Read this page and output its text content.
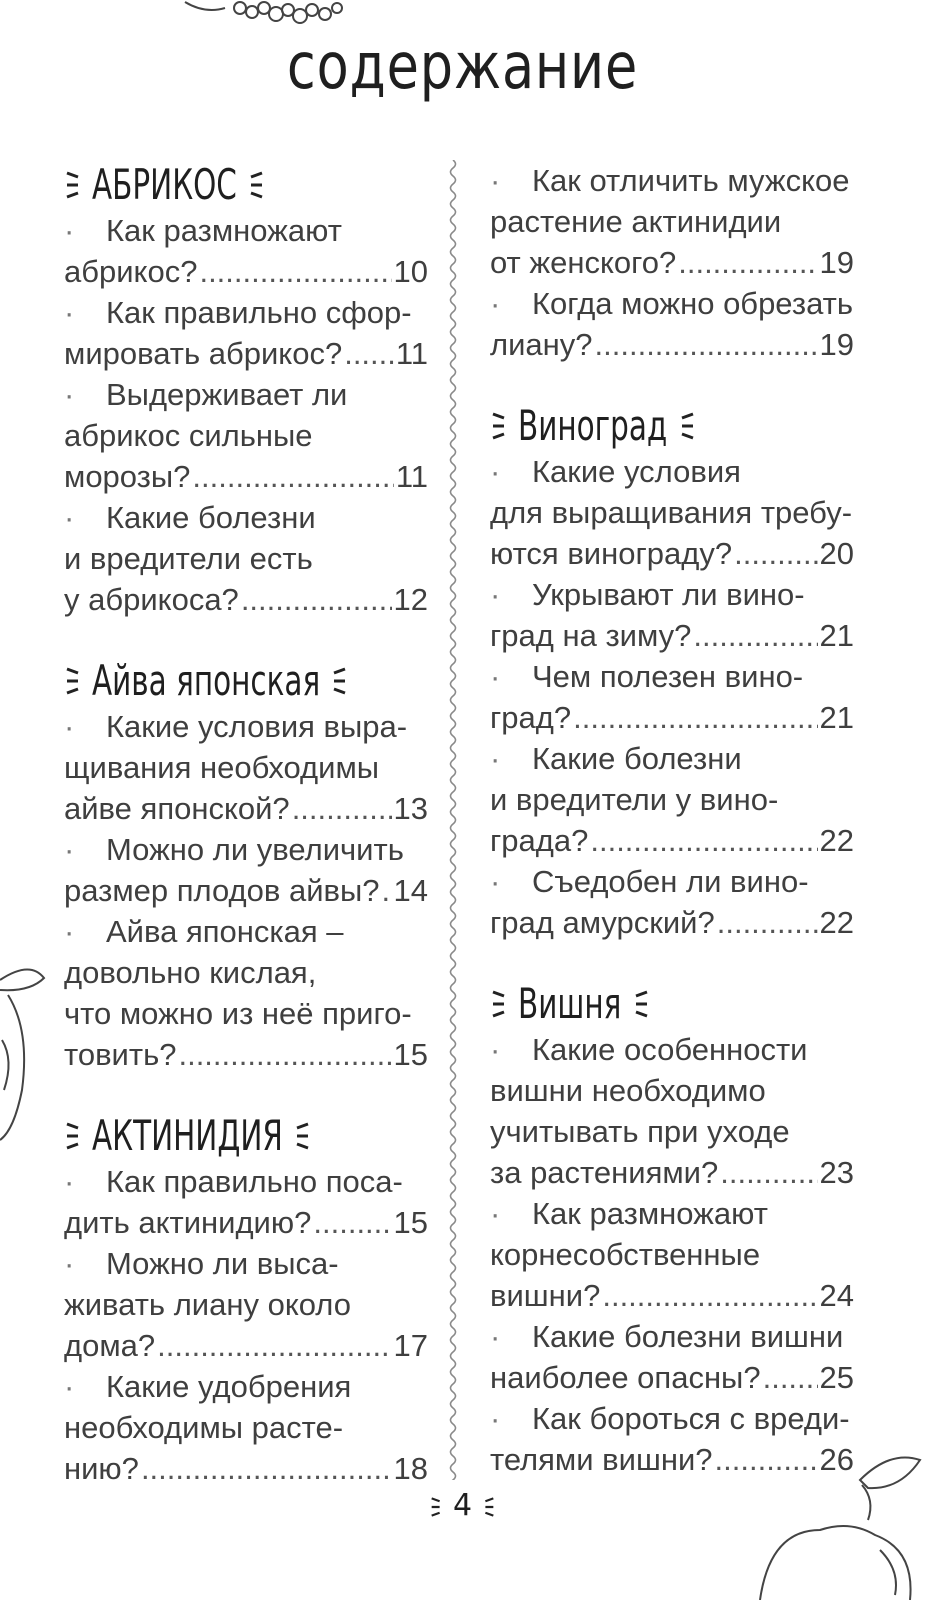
содержание
АБРИКОС
· Как размножают
абрикос? .....	10
· Как правильно сфор-
мировать абрикос? ..... 11
· Выдерживает ли
абрикос сильные
морозы? .....	11
· Какие болезни
и вредители есть
у абрикоса? .....	12
Айва японская
· Какие условия выра-
щивания необходимы
айве японской? .....	13
· Можно ли увеличить
размер плодов айвы? ..... 14
· Айва японская –
довольно кислая,
что можно из неё приго-
товить? .....	15
АКТИНИДИЯ
· Как правильно поса-
дить актинидию? .....	15
· Можно ли выса-
живать лиану около
дома? .....	17
· Какие удобрения
необходимы расте-
нию? .....	18
· Как отличить мужское
растение актинидии
от женского? .....	19
· Когда можно обрезать
лиану? .....	19
Виноград
· Какие условия
для выращивания требу-
ются винограду? .....	20
· Укрывают ли вино-
град на зиму? .....	21
· Чем полезен вино-
град? .....	21
· Какие болезни
и вредители у вино-
града? .....	22
· Съедобен ли вино-
град амурский? .....	22
Вишня
· Какие особенности
вишни необходимо
учитывать при уходе
за растениями? .....	23
· Как размножают
корнесобственные
вишни? .....	24
· Какие болезни вишни
наиболее опасны? ..... 25
· Как бороться с вреди-
телями вишни? .....	26
4
